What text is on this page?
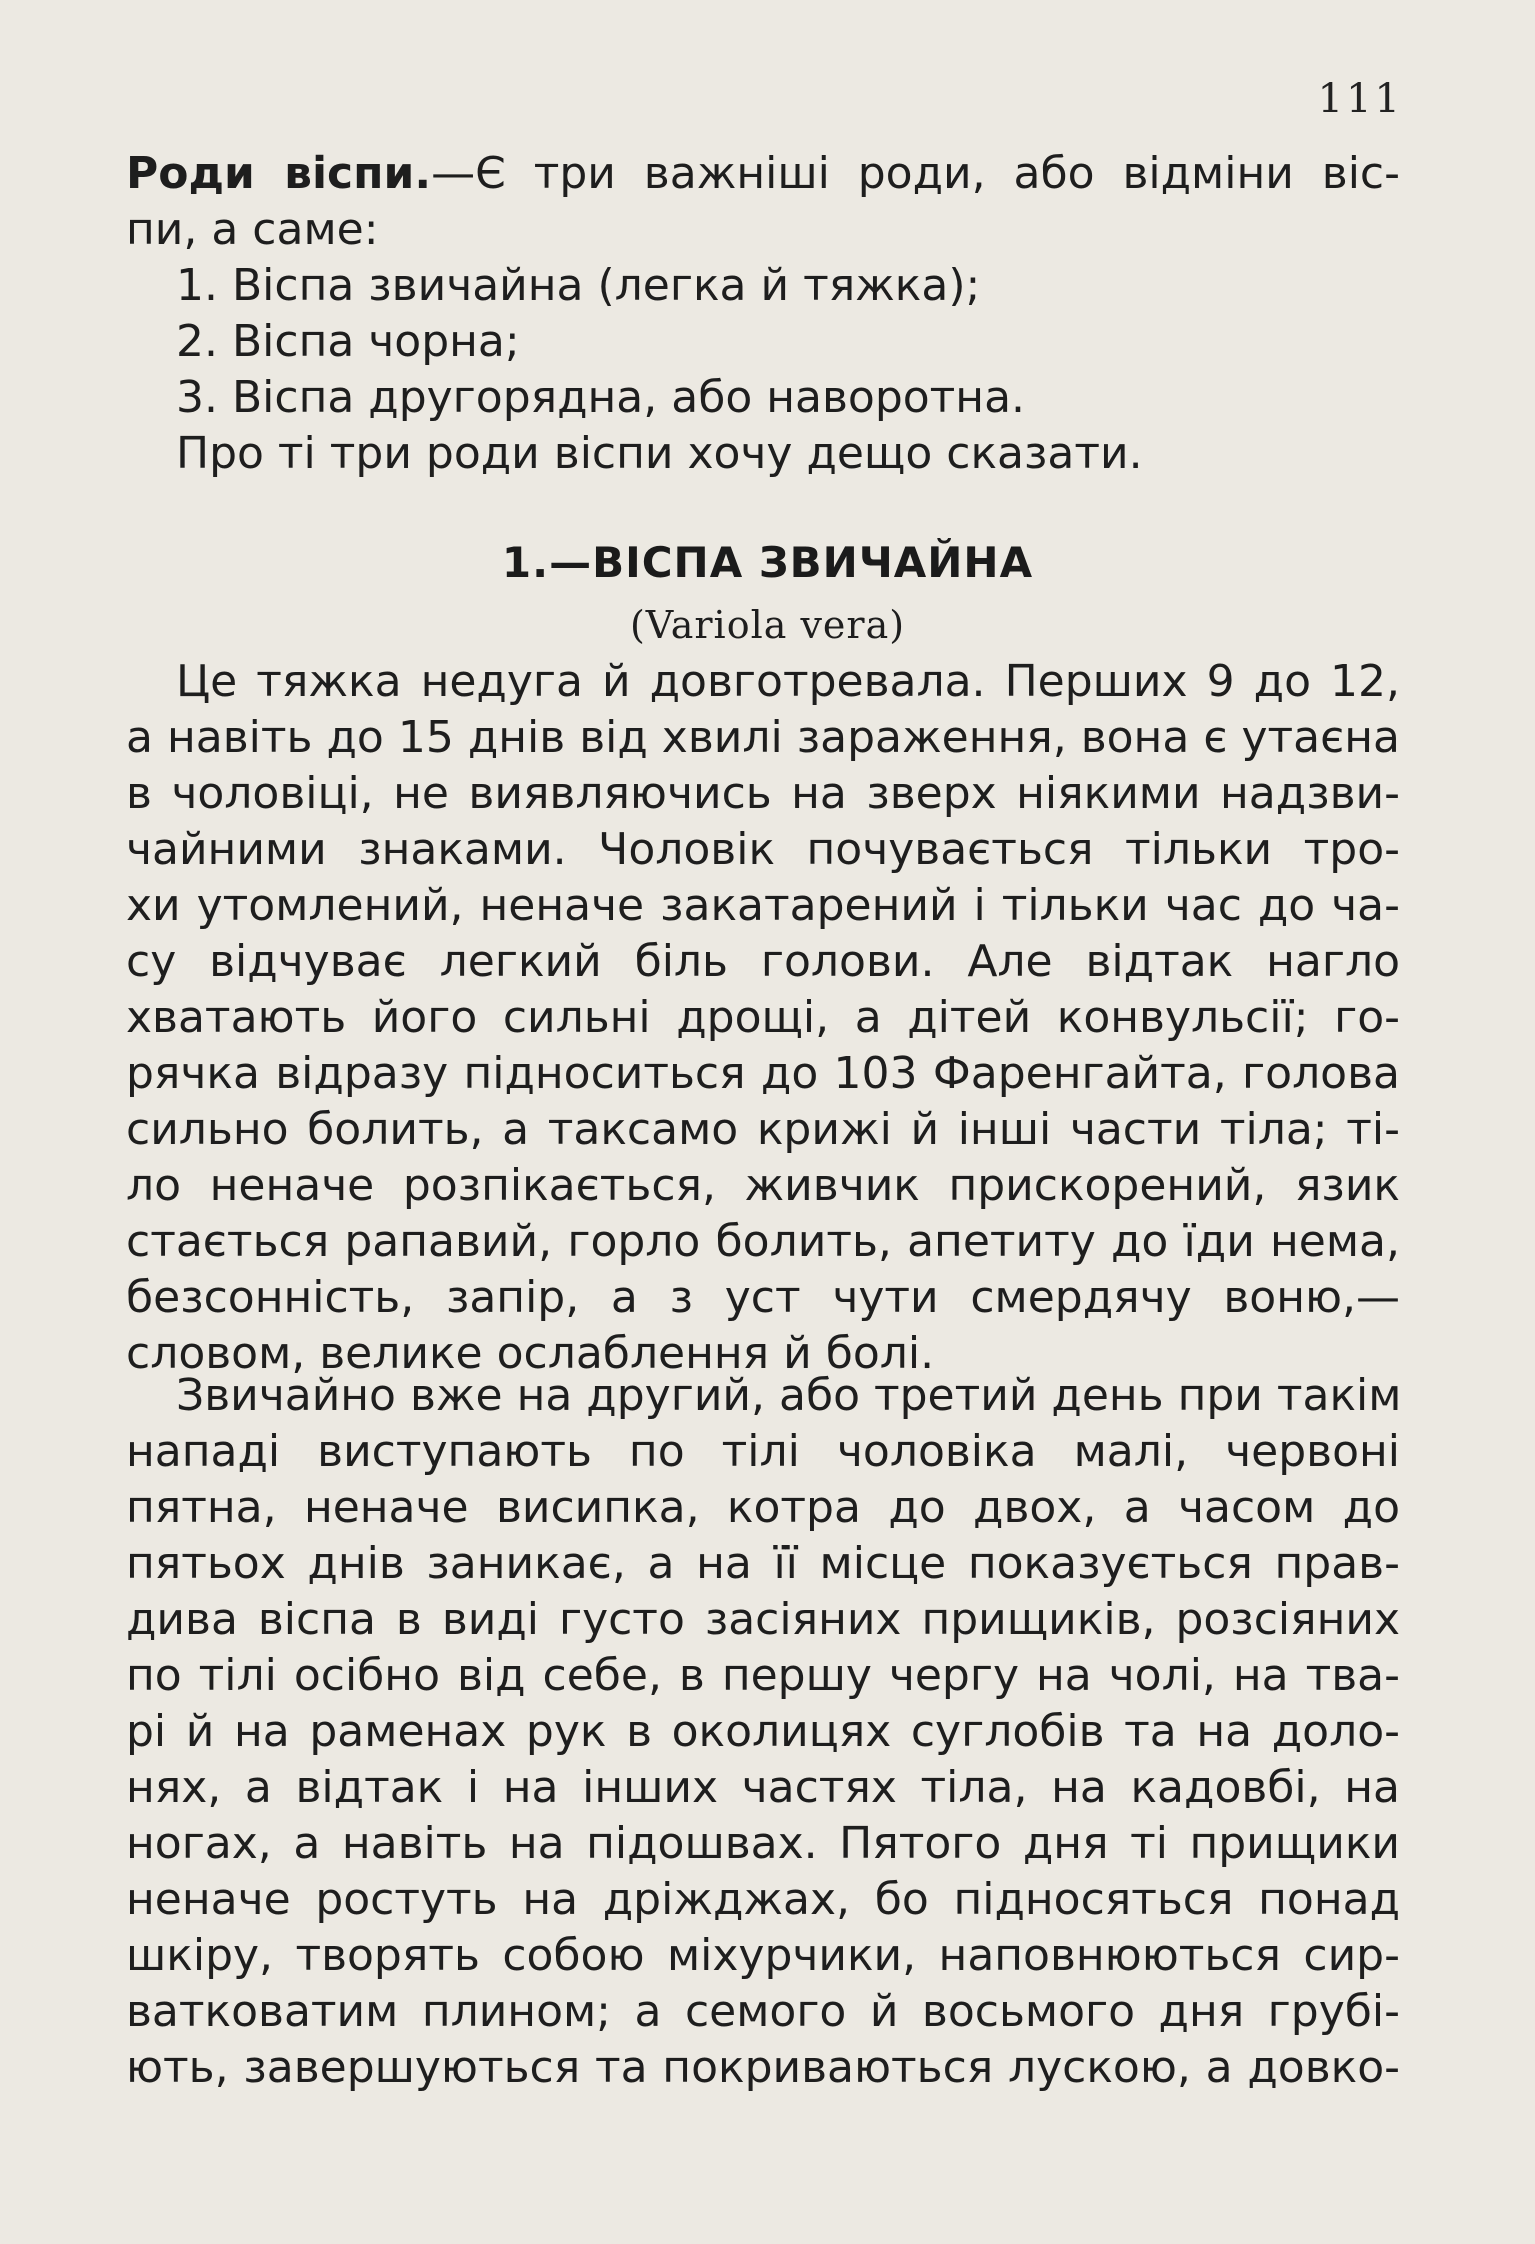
111
Роди віспи.—Є три важніші роди, або відміни віс-
пи, а саме:
1. Віспа звичайна (легка й тяжка);
2. Віспа чорна;
3. Віспа другорядна, або наворотна.
Про ті три роди віспи хочу дещо сказати.
1.—ВІСПА ЗВИЧАЙНА
(Variola vera)
Це тяжка недуга й довготревала. Перших 9 до 12,
а навіть до 15 днів від хвилі зараження, вона є утаєна
в чоловіці, не виявляючись на зверх ніякими надзви-
чайними знаками. Чоловік почувається тільки тро-
хи утомлений, неначе закатарений і тільки час до ча-
су відчуває легкий біль голови. Але відтак нагло
хватають його сильні дрощі, а дітей конвульсії; го-
рячка відразу підноситься до 103 Фаренгайта, голова
сильно болить, а таксамо крижі й інші части тіла; ті-
ло неначе розпікається, живчик прискорений, язик
стається рапавий, горло болить, апетиту до їди нема,
безсонність, запір, а з уст чути смердячу воню,—
словом, велике ослаблення й болі.
Звичайно вже на другий, або третий день при такім
нападі виступають по тілі чоловіка малі, червоні
пятна, неначе висипка, котра до двох, а часом до
пятьох днів заникає, а на її місце показується прав-
дива віспа в виді густо засіяних прищиків, розсіяних
по тілі осібно від себе, в першу чергу на чолі, на тва-
рі й на раменах рук в околицях суглобів та на доло-
нях, а відтак і на інших частях тіла, на кадовбі, на
ногах, а навіть на підошвах. Пятого дня ті прищики
неначе ростуть на дріжджах, бо підносяться понад
шкіру, творять собою міхурчики, наповнюються сир-
ватковатим плином; а семого й восьмого дня грубі-
ють, завершуються та покриваються лускою, а довко-
